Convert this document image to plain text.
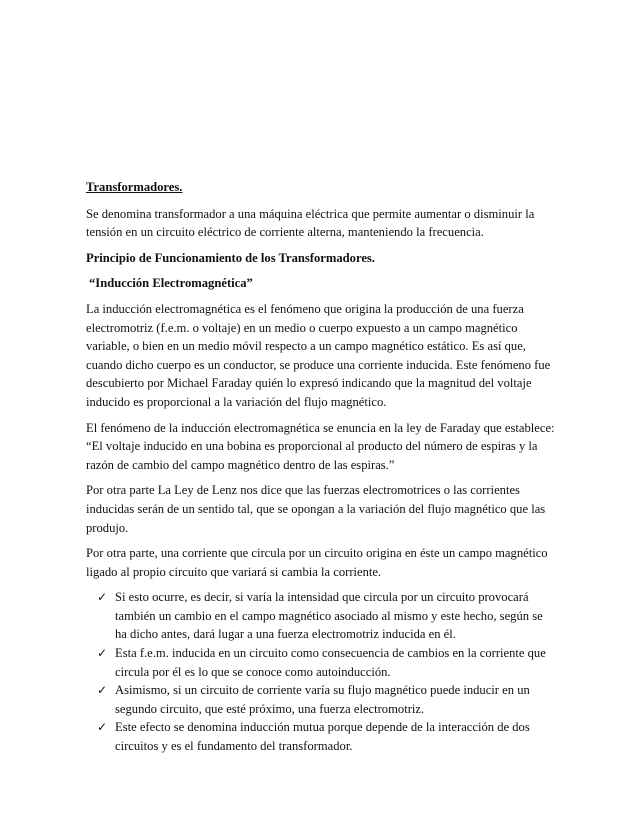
Transformadores.

Se denomina transformador a una máquina eléctrica que permite aumentar o disminuir la tensión en un circuito eléctrico de corriente alterna, manteniendo la frecuencia.

Principio de Funcionamiento de los Transformadores.
“Inducción Electromagnética”

La inducción electromagnética es el fenómeno que origina la producción de una fuerza electromotriz (f.e.m. o voltaje) en un medio o cuerpo expuesto a un campo magnético variable, o bien en un medio móvil respecto a un campo magnético estático. Es así que, cuando dicho cuerpo es un conductor, se produce una corriente inducida. Este fenómeno fue descubierto por Michael Faraday quién lo expresó indicando que la magnitud del voltaje inducido es proporcional a la variación del flujo magnético.

El fenómeno de la inducción electromagnética se enuncia en la ley de Faraday que establece:
“El voltaje inducido en una bobina es proporcional al producto del número de espiras y la razón de cambio del campo magnético dentro de las espiras.”

Por otra parte La Ley de Lenz nos dice que las fuerzas electromotrices o las corrientes inducidas serán de un sentido tal, que se opongan a la variación del flujo magnético que las produjo.

Por otra parte, una corriente que circula por un circuito origina en éste un campo magnético ligado al propio circuito que variará si cambia la corriente.

✓ Si esto ocurre, es decir, si varía la intensidad que circula por un circuito provocará también un cambio en el campo magnético asociado al mismo y este hecho, según se ha dicho antes, dará lugar a una fuerza electromotriz inducida en él.
✓ Esta f.e.m. inducida en un circuito como consecuencia de cambios en la corriente que circula por él es lo que se conoce como autoinducción.
✓ Asimismo, si un circuito de corriente varía su flujo magnético puede inducir en un segundo circuito, que esté próximo, una fuerza electromotriz.
✓ Este efecto se denomina inducción mutua porque depende de la interacción de dos circuitos y es el fundamento del transformador.
